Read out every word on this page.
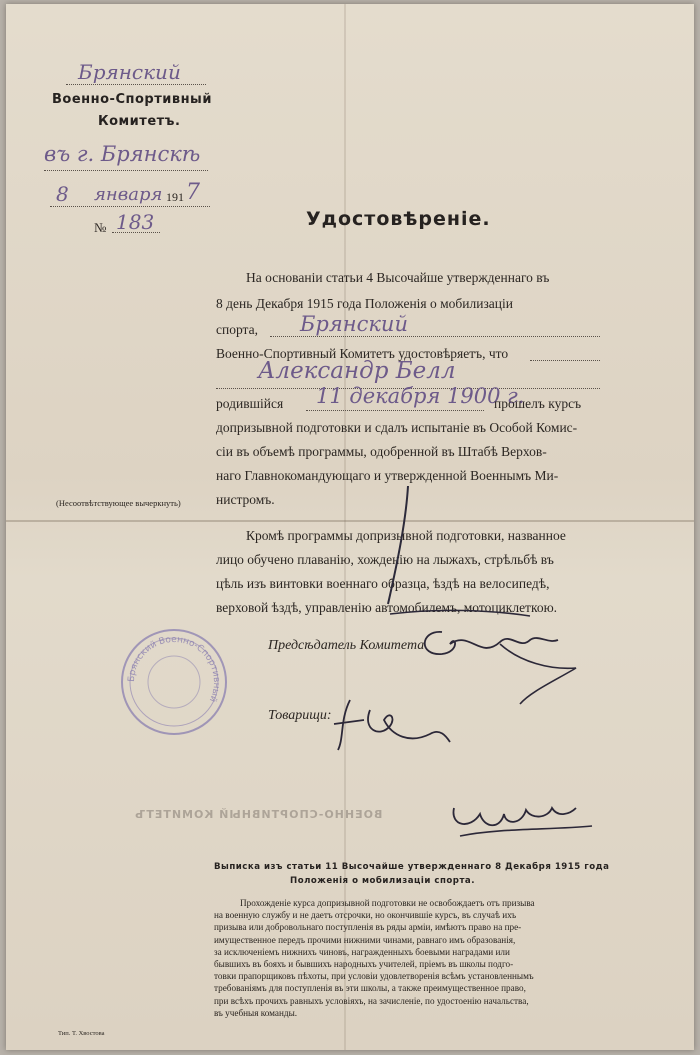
Брянский
Военно-Спортивный
Комитетъ.
въ г. Брянскѣ
8 января 191 7
№ 183	Удостовѣреніе.
На основаніи статьи 4 Высочайше утвержденнаго въ
8 день Декабря 1915 года Положенія о мобилизаціи
спорта, Брянский
Военно-Спортивный Комитетъ удостовѣряетъ, что
Александр Белл
родившійся 11 декабря 1900 г.
прошелъ курсъ
допризывной подготовки и сдалъ испытаніе въ Особой Комис-
сіи въ объемѣ программы, одобренной въ Штабѣ Верхов-
наго Главнокомандующаго и утвержденной Военнымъ Ми-
нистромъ.
(Несоотвѣтствующее вычеркнуть)
Кромѣ программы допризывной подготовки, названное
лицо обучено плаванію, хожденію на лыжахъ, стрѣльбѣ въ
цѣль изъ винтовки военнаго образца, ѣздѣ на велосипедѣ,
верховой ѣздѣ, управленію автомобилемъ, мотоциклеткою.
Предсѣдатель Комитета
Брянский Военно-Спортивный
Товарищи:
ВОЕННО-СПОРТИВНЫЙ КОМИТЕТЪ
Выписка изъ статьи 11 Высочайше утвержденнаго 8 Декабря 1915 года
Положенія о мобилизаціи спорта.
Прохожденіе курса допризывной подготовки не освобождаетъ отъ призыва
на военную службу и не даетъ отсрочки, но окончившіе курсъ, въ случаѣ ихъ
призыва или добровольнаго поступленія въ ряды арміи, имѣютъ право на пре-
имущественное передъ прочими нижними чинами, равнаго имъ образованія,
за исключеніемъ нижнихъ чиновъ, награжденныхъ боевыми наградами или
бывшихъ въ бояхъ и бывшихъ народныхъ учителей, пріемъ въ школы подго-
товки прапорщиковъ пѣхоты, при условіи удовлетворенія всѣмъ установленнымъ
требованіямъ для поступленія въ эти школы, а также преимущественное право,
при всѣхъ прочихъ равныхъ условіяхъ, на зачисленіе, по удостоенію начальства,
въ учебныя команды.
Тип. Т. Хвостова
